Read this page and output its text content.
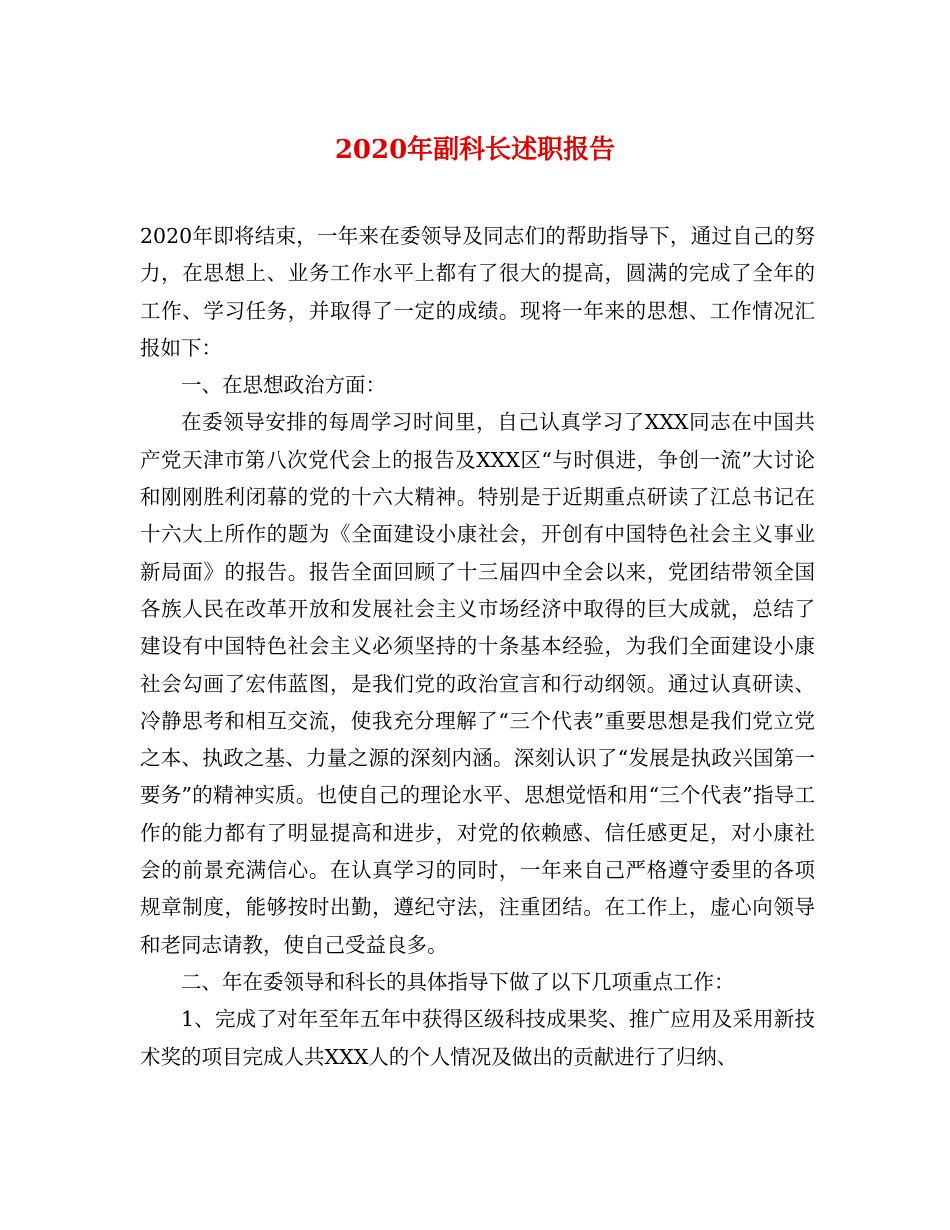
2020年副科长述职报告

2020年即将结束，一年来在委领导及同志们的帮助指导下，通过自己的努力，在思想上、业务工作水平上都有了很大的提高，圆满的完成了全年的工作、学习任务，并取得了一定的成绩。现将一年来的思想、工作情况汇报如下：

一、在思想政治方面：

在委领导安排的每周学习时间里，自己认真学习了XXX同志在中国共产党天津市第八次党代会上的报告及XXX区“与时俱进，争创一流”大讨论和刚刚胜利闭幕的党的十六大精神。特别是于近期重点研读了江总书记在十六大上所作的题为《全面建设小康社会，开创有中国特色社会主义事业新局面》的报告。报告全面回顾了十三届四中全会以来，党团结带领全国各族人民在改革开放和发展社会主义市场经济中取得的巨大成就，总结了建设有中国特色社会主义必须坚持的十条基本经验，为我们全面建设小康社会勾画了宏伟蓝图，是我们党的政治宣言和行动纲领。通过认真研读、冷静思考和相互交流，使我充分理解了“三个代表”重要思想是我们党立党之本、执政之基、力量之源的深刻内涵。深刻认识了“发展是执政兴国第一要务”的精神实质。也使自己的理论水平、思想觉悟和用“三个代表”指导工作的能力都有了明显提高和进步，对党的依赖感、信任感更足，对小康社会的前景充满信心。在认真学习的同时，一年来自己严格遵守委里的各项规章制度，能够按时出勤，遵纪守法，注重团结。在工作上，虚心向领导和老同志请教，使自己受益良多。

二、年在委领导和科长的具体指导下做了以下几项重点工作：

1、完成了对年至年五年中获得区级科技成果奖、推广应用及采用新技术奖的项目完成人共XXX人的个人情况及做出的贡献进行了归纳、
